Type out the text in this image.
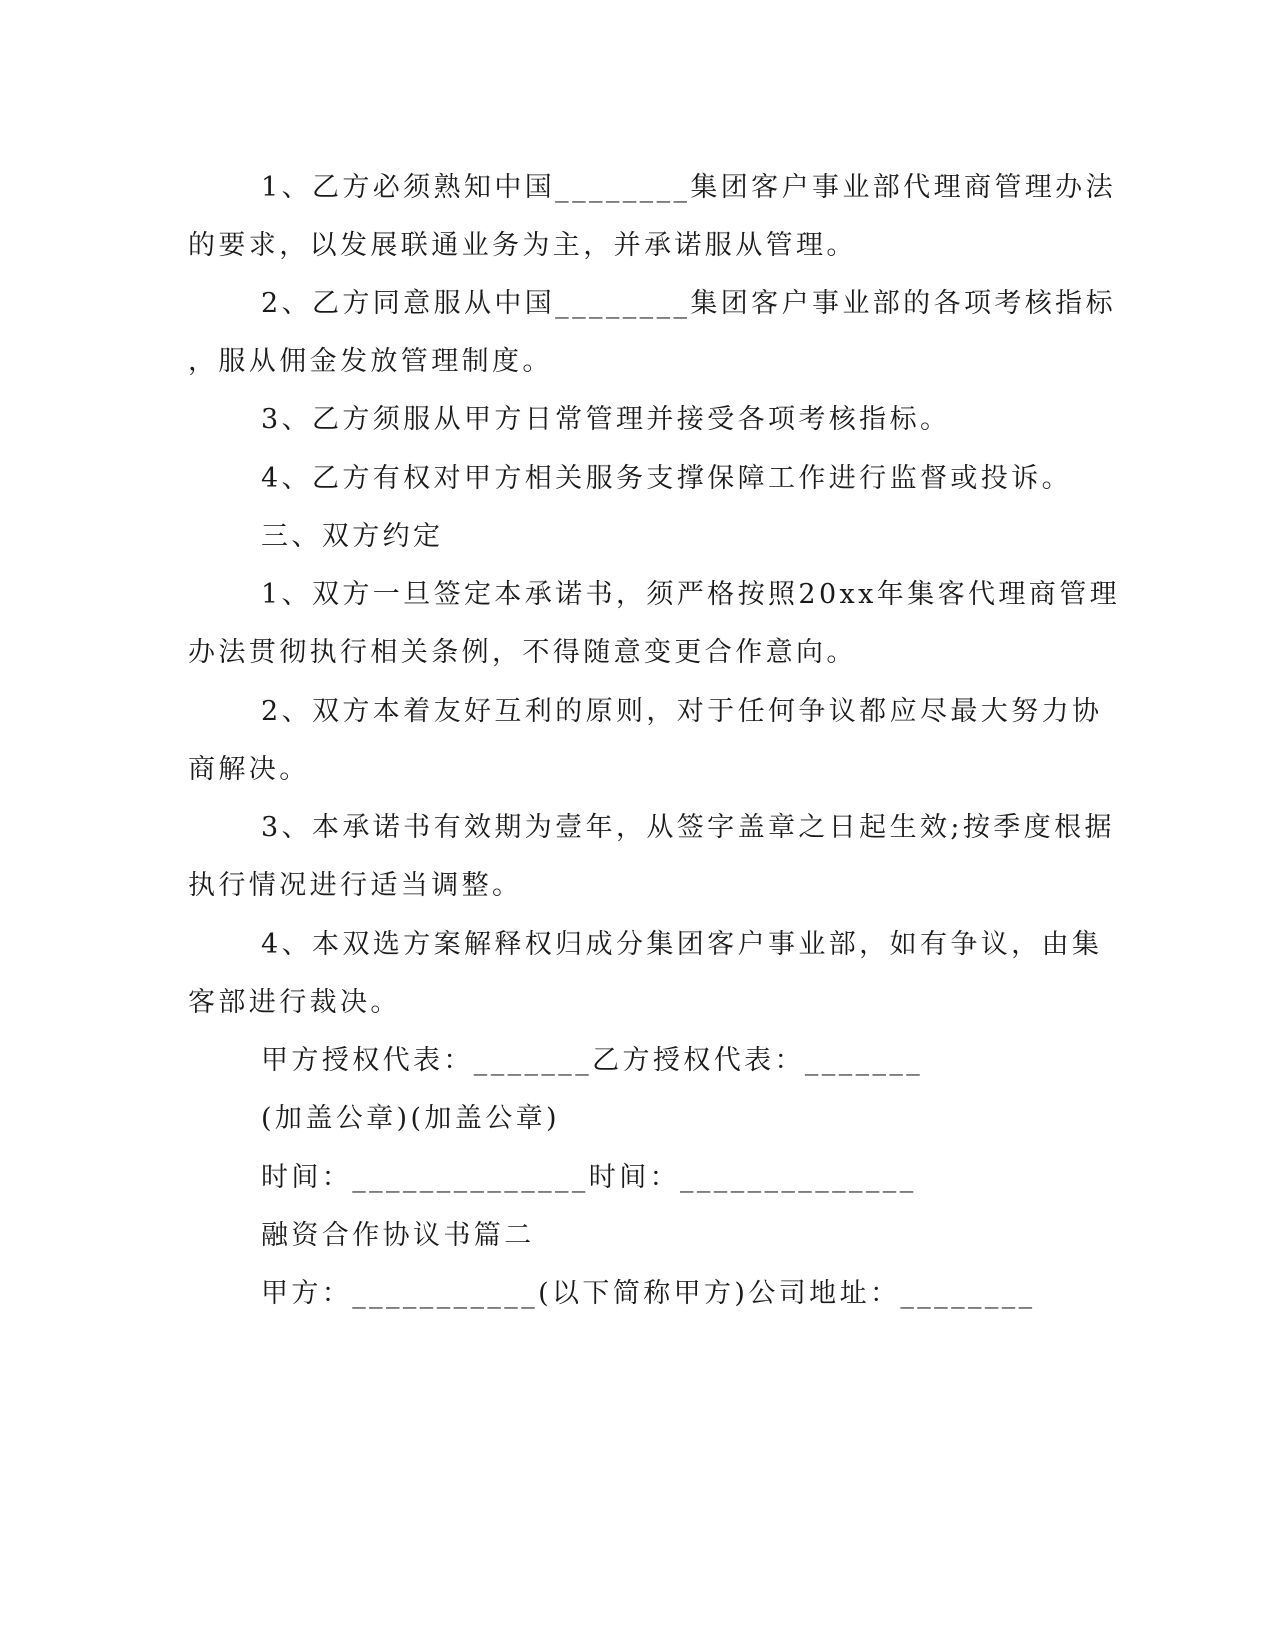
1、乙方必须熟知中国________集团客户事业部代理商管理办法
的要求，以发展联通业务为主，并承诺服从管理。
2、乙方同意服从中国________集团客户事业部的各项考核指标
，服从佣金发放管理制度。
3、乙方须服从甲方日常管理并接受各项考核指标。
4、乙方有权对甲方相关服务支撑保障工作进行监督或投诉。
三、双方约定
1、双方一旦签定本承诺书，须严格按照20xx年集客代理商管理
办法贯彻执行相关条例，不得随意变更合作意向。
2、双方本着友好互利的原则，对于任何争议都应尽最大努力协
商解决。
3、本承诺书有效期为壹年，从签字盖章之日起生效;按季度根据
执行情况进行适当调整。
4、本双选方案解释权归成分集团客户事业部，如有争议，由集
客部进行裁决。
甲方授权代表：_______乙方授权代表：_______
(加盖公章)(加盖公章)
时间：______________时间：______________
融资合作协议书篇二
甲方：___________(以下简称甲方)公司地址：________
